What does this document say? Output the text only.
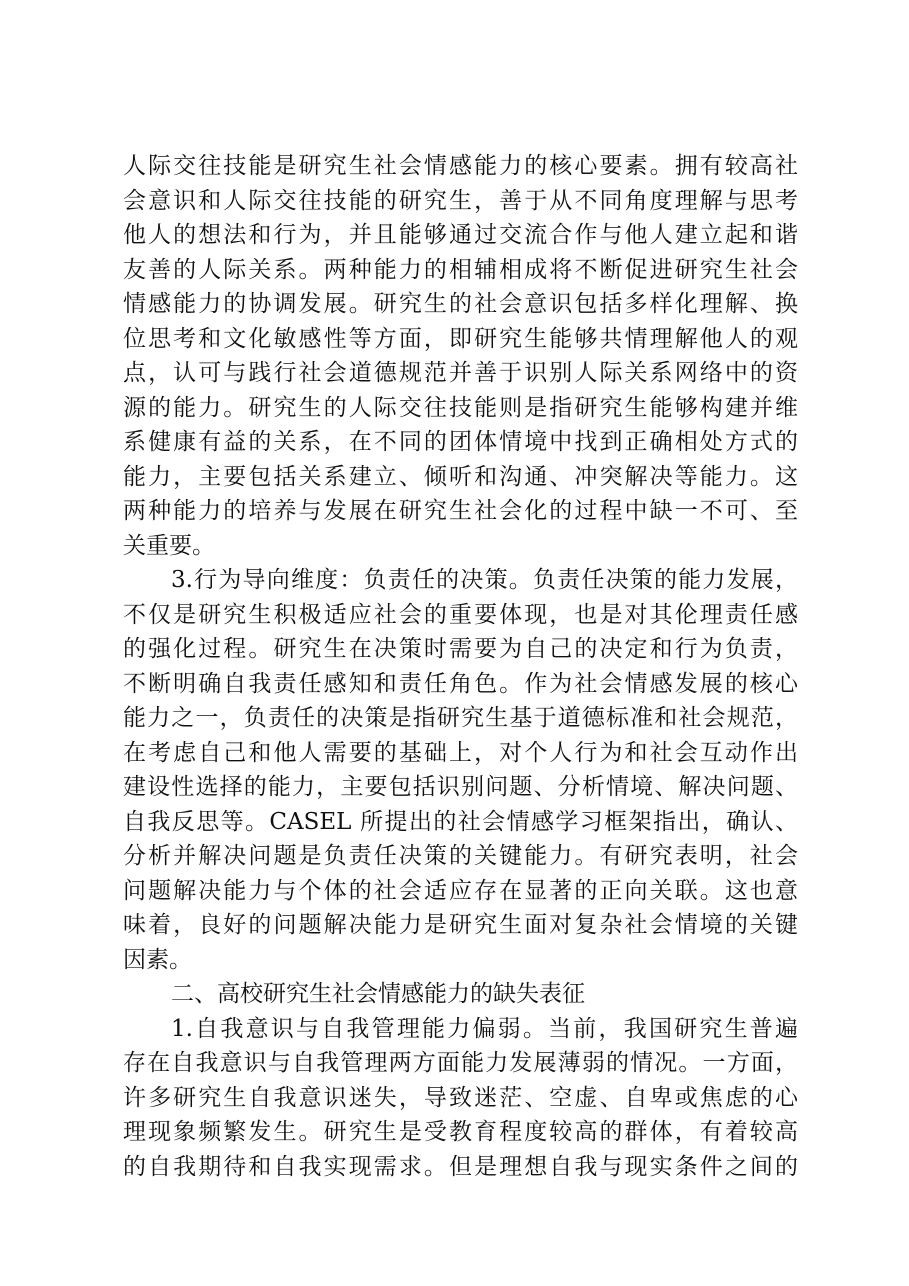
人际交往技能是研究生社会情感能力的核心要素。拥有较高社
会意识和人际交往技能的研究生，善于从不同角度理解与思考
他人的想法和行为，并且能够通过交流合作与他人建立起和谐
友善的人际关系。两种能力的相辅相成将不断促进研究生社会
情感能力的协调发展。研究生的社会意识包括多样化理解、换
位思考和文化敏感性等方面，即研究生能够共情理解他人的观
点，认可与践行社会道德规范并善于识别人际关系网络中的资
源的能力。研究生的人际交往技能则是指研究生能够构建并维
系健康有益的关系，在不同的团体情境中找到正确相处方式的
能力，主要包括关系建立、倾听和沟通、冲突解决等能力。这
两种能力的培养与发展在研究生社会化的过程中缺一不可、至
关重要。
3.行为导向维度：负责任的决策。负责任决策的能力发展，
不仅是研究生积极适应社会的重要体现，也是对其伦理责任感
的强化过程。研究生在决策时需要为自己的决定和行为负责，
不断明确自我责任感知和责任角色。作为社会情感发展的核心
能力之一，负责任的决策是指研究生基于道德标准和社会规范，
在考虑自己和他人需要的基础上，对个人行为和社会互动作出
建设性选择的能力，主要包括识别问题、分析情境、解决问题、
自我反思等。CASEL 所提出的社会情感学习框架指出，确认、
分析并解决问题是负责任决策的关键能力。有研究表明，社会
问题解决能力与个体的社会适应存在显著的正向关联。这也意
味着，良好的问题解决能力是研究生面对复杂社会情境的关键
因素。
二、高校研究生社会情感能力的缺失表征
1.自我意识与自我管理能力偏弱。当前，我国研究生普遍
存在自我意识与自我管理两方面能力发展薄弱的情况。一方面，
许多研究生自我意识迷失，导致迷茫、空虚、自卑或焦虑的心
理现象频繁发生。研究生是受教育程度较高的群体，有着较高
的自我期待和自我实现需求。但是理想自我与现实条件之间的
